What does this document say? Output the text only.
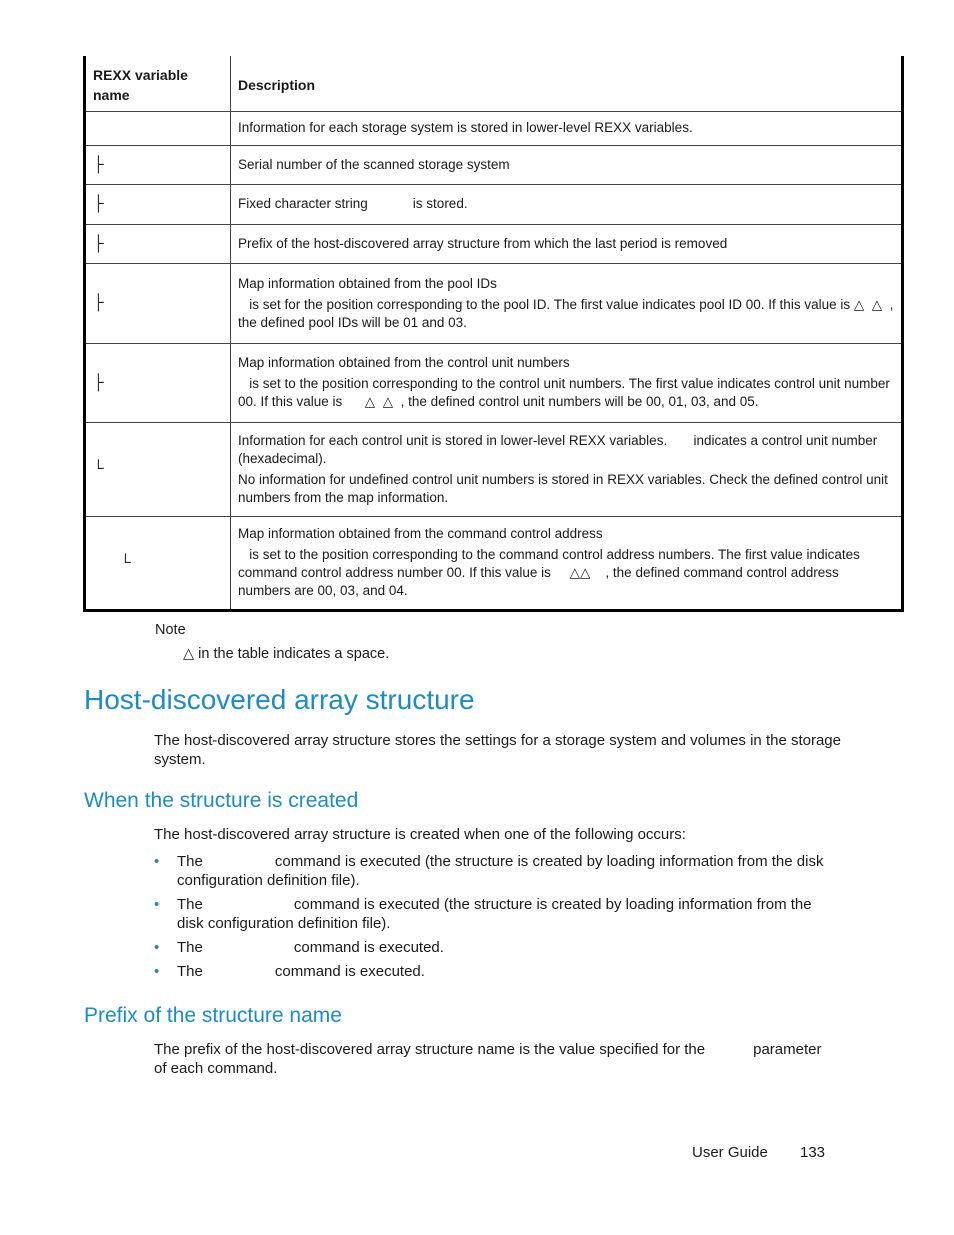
REXX variable name	Description

	Information for each storage system is stored in lower-level REXX variables.

├	Serial number of the scanned storage system

├	Fixed character string            is stored.

├	Prefix of the host-discovered array structure from which the last period is removed

├	Map information obtained from the pool IDs

is set for the position corresponding to the pool ID. The first value indicates pool ID 00. If this value is △  △  , the defined pool IDs will be 01 and 03.

├	Map information obtained from the control unit numbers

is set to the position corresponding to the control unit numbers. The first value indicates control unit number 00. If this value is      △  △  , the defined control unit numbers will be 00, 01, 03, and 05.

└	Information for each control unit is stored in lower-level REXX variables.       indicates a control unit number (hexadecimal).

No information for undefined control unit numbers is stored in REXX variables. Check the defined control unit numbers from the map information.

└	Map information obtained from the command control address

is set to the position corresponding to the command control address numbers. The first value indicates command control address number 00. If this value is     △△    , the defined command control address numbers are 00, 03, and 04.

Note
△ in the table indicates a space.
Host-discovered array structure

The host-discovered array structure stores the settings for a storage system and volumes in the storage system.

When the structure is created

The host-discovered array structure is created when one of the following occurs:

• The	command is executed (the structure is created by loading information from the disk configuration definition file).
• The	command is executed (the structure is created by loading information from the disk configuration definition file).
• The	command is executed.
• The	command is executed.
Prefix of the structure name

The prefix of the host-discovered array structure name is the value specified for the	parameter of each command.

User Guide 133
